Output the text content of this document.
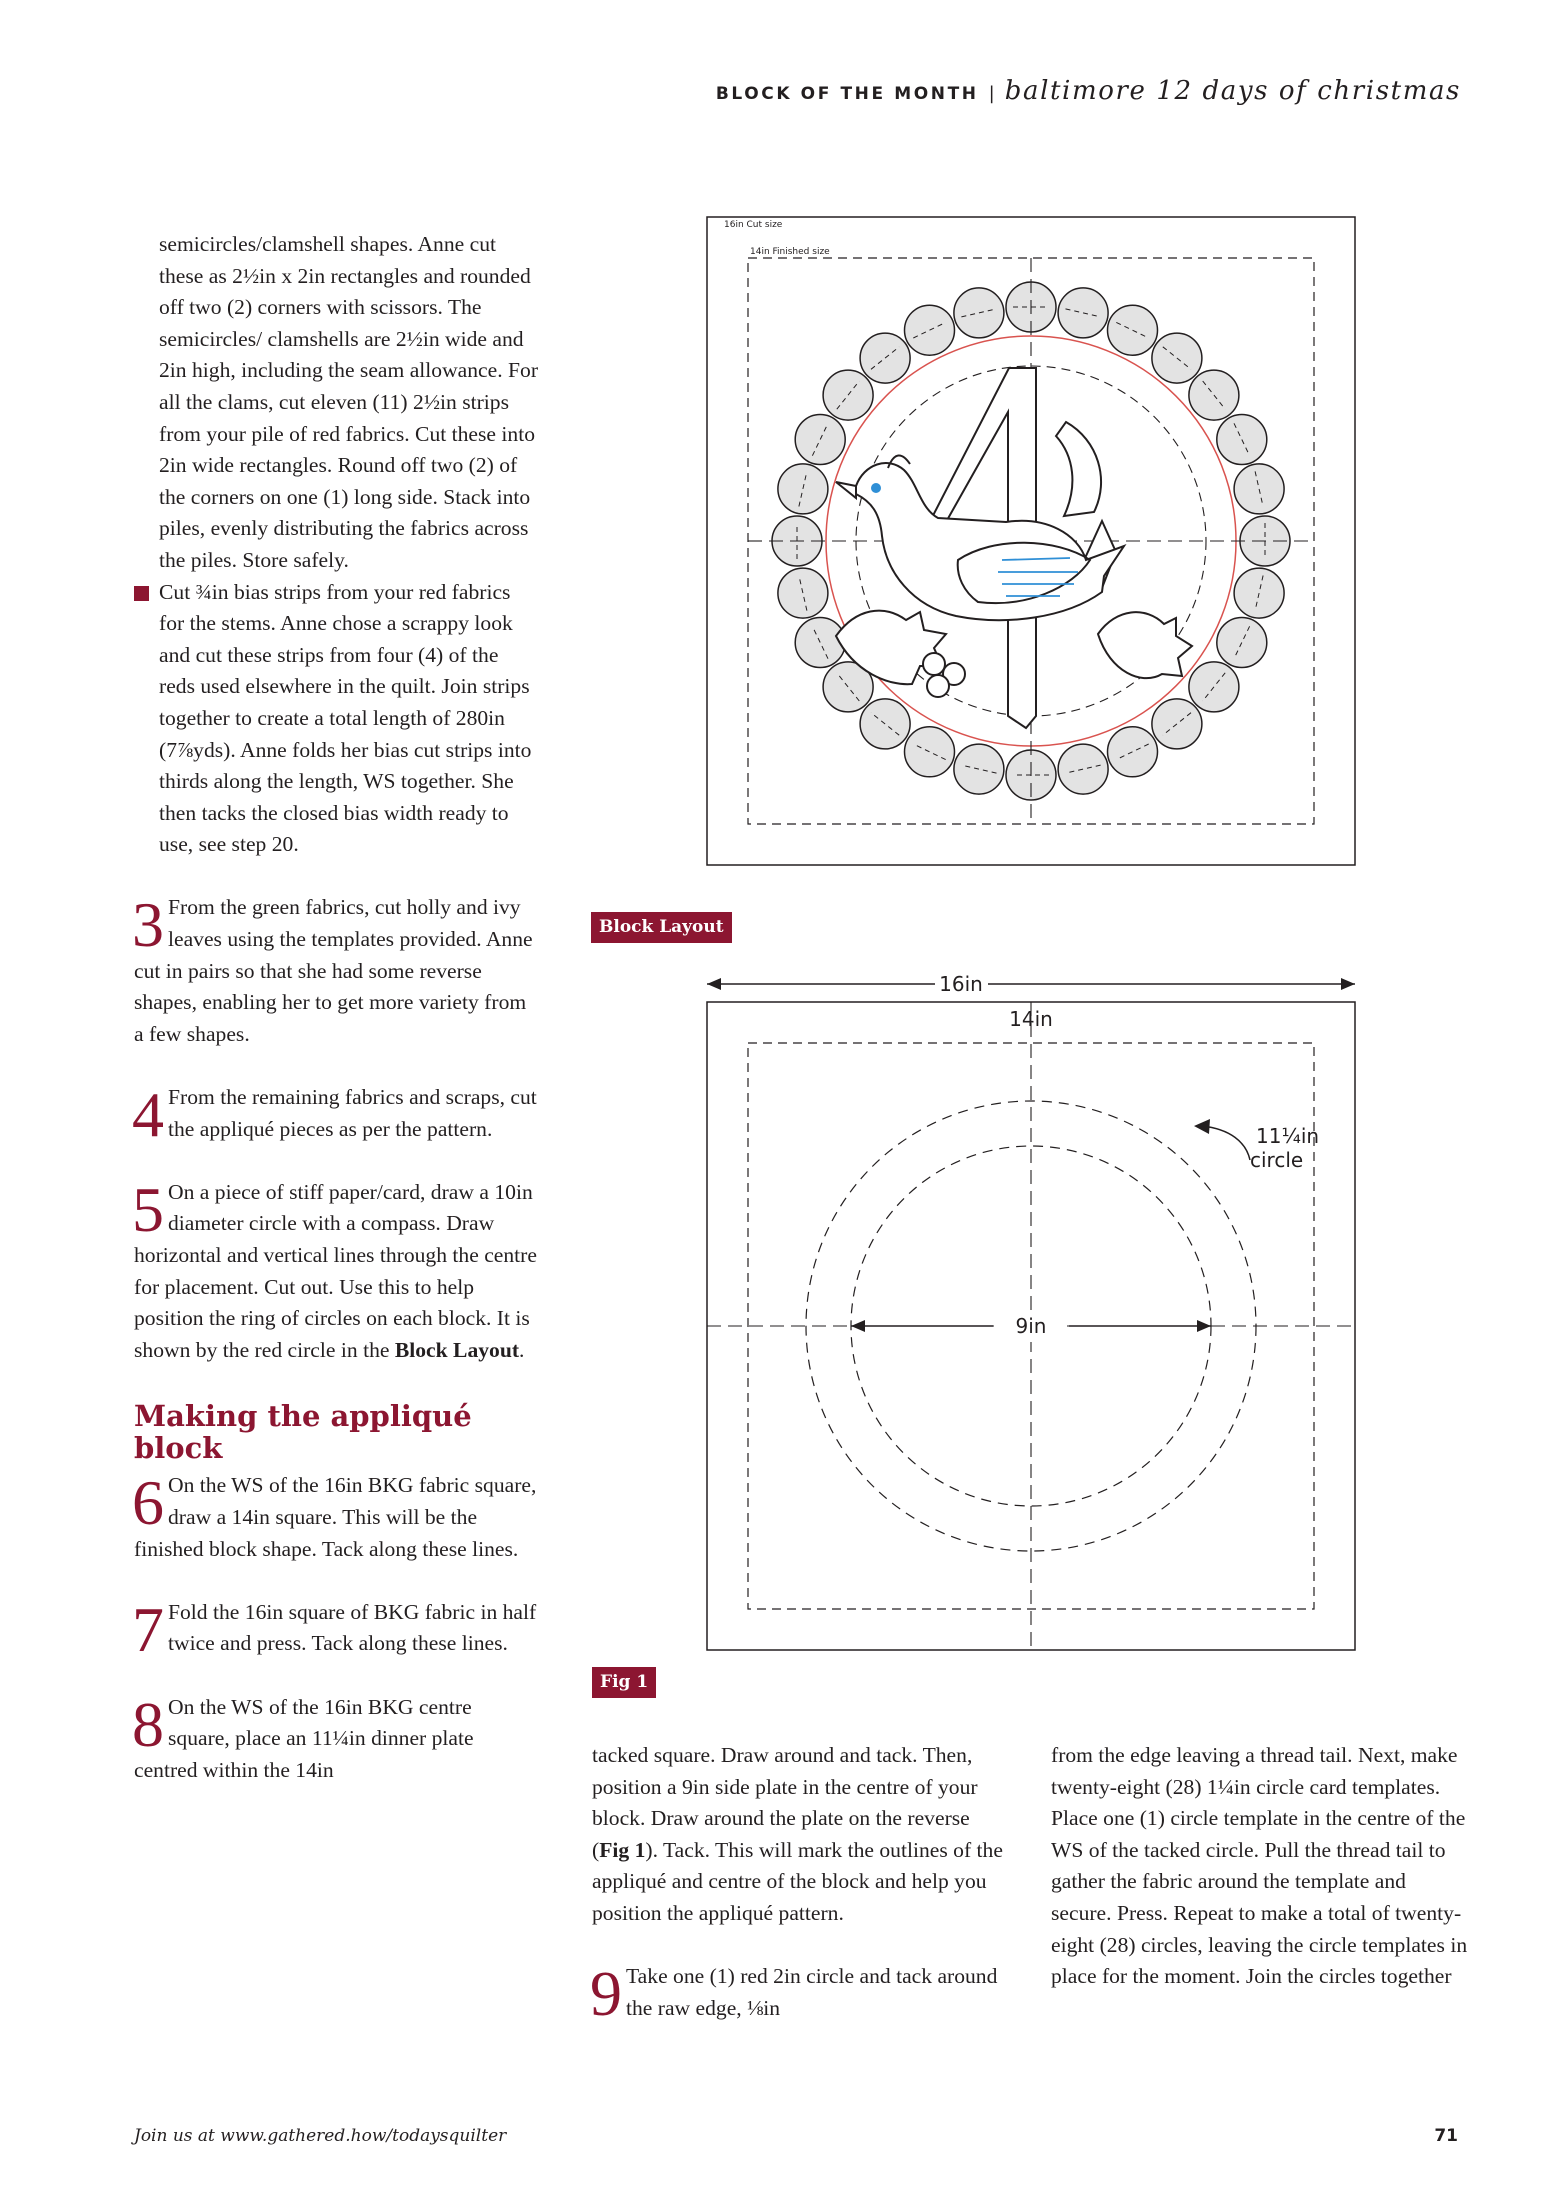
BLOCK OF THE MONTH | baltimore 12 days of christmas

semicircles/clamshell shapes. Anne cut these as 2½in x 2in rectangles and rounded off two (2) corners with scissors. The semicircles/ clamshells are 2½in wide and 2in high, including the seam allowance. For all the clams, cut eleven (11) 2½in strips from your pile of red fabrics. Cut these into 2in wide rectangles. Round off two (2) of the corners on one (1) long side. Stack into piles, evenly distributing the fabrics across the piles. Store safely.

Cut ¾in bias strips from your red fabrics for the stems. Anne chose a scrappy look and cut these strips from four (4) of the reds used elsewhere in the quilt. Join strips together to create a total length of 280in (7⅞yds). Anne folds her bias cut strips into thirds along the length, WS together. She then tacks the closed bias width ready to use, see step 20.

3 From the green fabrics, cut holly and ivy leaves using the templates provided. Anne cut in pairs so that she had some reverse shapes, enabling her to get more variety from a few shapes.

4 From the remaining fabrics and scraps, cut the appliqué pieces as per the pattern.

5 On a piece of stiff paper/card, draw a 10in diameter circle with a compass. Draw horizontal and vertical lines through the centre for placement. Cut out. Use this to help position the ring of circles on each block. It is shown by the red circle in the Block Layout.

Making the appliqué block

6 On the WS of the 16in BKG fabric square, draw a 14in square. This will be the finished block shape. Tack along these lines.

7 Fold the 16in square of BKG fabric in half twice and press. Tack along these lines.

8 On the WS of the 16in BKG centre square, place an 11¼in dinner plate centred within the 14in

tacked square. Draw around and tack. Then, position a 9in side plate in the centre of your block. Draw around the plate on the reverse (Fig 1). Tack. This will mark the outlines of the appliqué and centre of the block and help you position the appliqué pattern.

9 Take one (1) red 2in circle and tack around the raw edge, ⅛in

from the edge leaving a thread tail. Next, make twenty-eight (28) 1¼in circle card templates. Place one (1) circle template in the centre of the WS of the tacked circle. Pull the thread tail to gather the fabric around the template and secure. Press. Repeat to make a total of twenty-eight (28) circles, leaving the circle templates in place for the moment. Join the circles together

16in Cut size
14in Finished size
Block Layout
16in
14in
9in
11¼in
circle
Fig 1
Join us at www.gathered.how/todaysquilter	71
